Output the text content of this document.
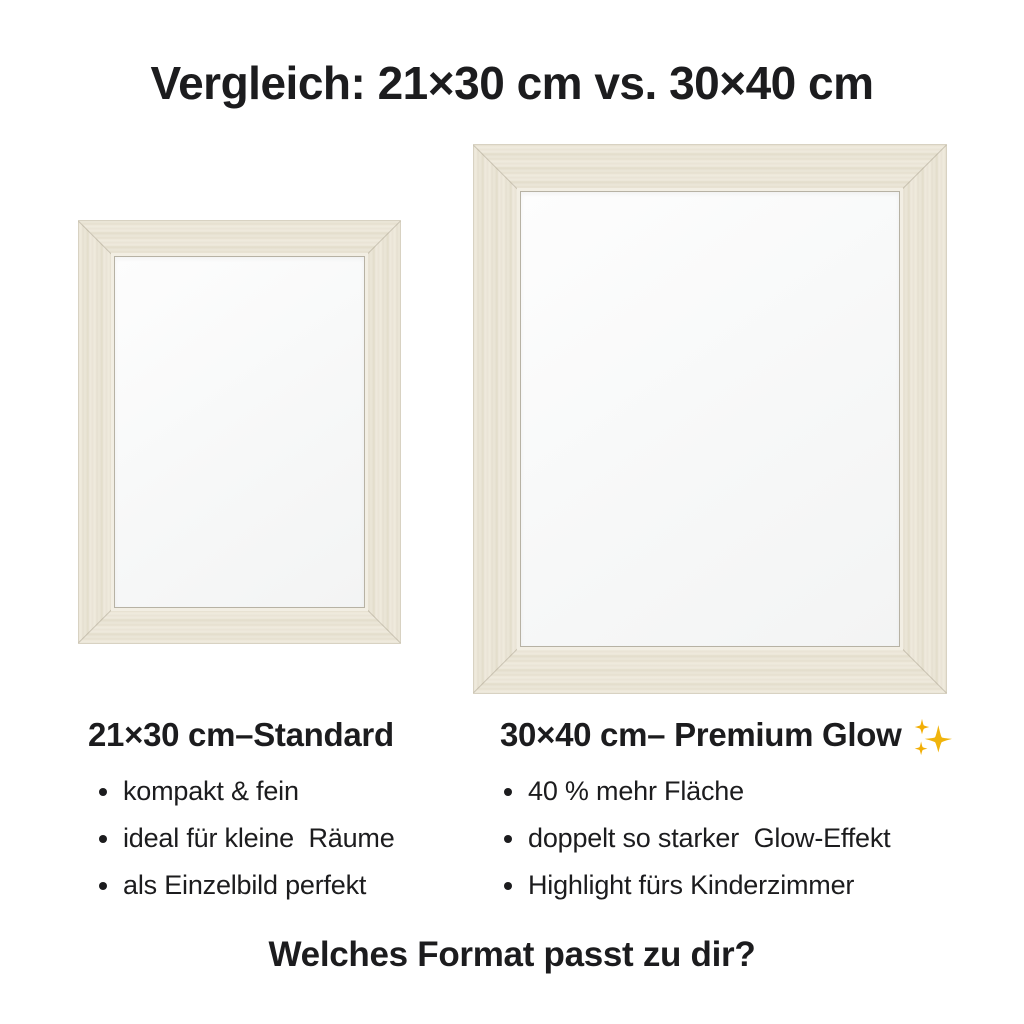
Vergleich: 21×30 cm vs. 30×40 cm
21×30 cm–Standard
kompakt & fein
ideal für kleine  Räume
als Einzelbild perfekt
30×40 cm– Premium Glow
40 % mehr Fläche
doppelt so starker  Glow-Effekt
Highlight fürs Kinderzimmer
Welches Format passt zu dir?
